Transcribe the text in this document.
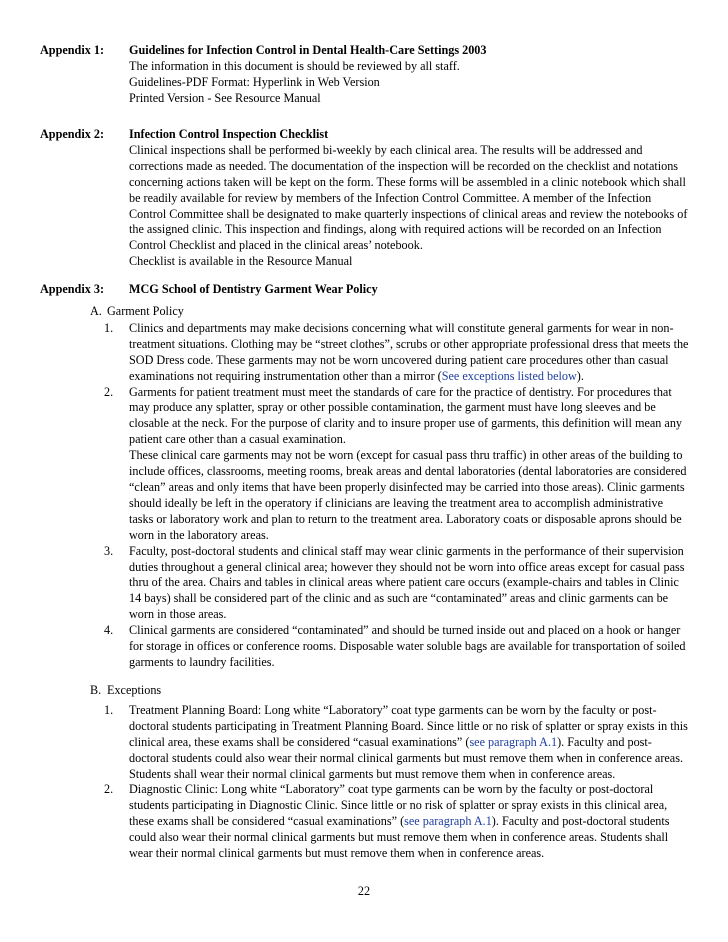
Appendix 1:	Guidelines for Infection Control in Dental Health-Care Settings 2003

The information in this document is should be reviewed by all staff.

Guidelines-PDF Format: Hyperlink in Web Version

Printed Version - See Resource Manual

Appendix 2:	Infection Control Inspection Checklist

Clinical inspections shall be performed bi-weekly by each clinical area. The results will be addressed and corrections made as needed. The documentation of the inspection will be recorded on the checklist and notations concerning actions taken will be kept on the form. These forms will be assembled in a clinic notebook which shall be readily available for review by members of the Infection Control Committee. A member of the Infection Control Committee shall be designated to make quarterly inspections of clinical areas and review the notebooks of the assigned clinic. This inspection and findings, along with required actions will be recorded on an Infection Control Checklist and placed in the clinical areas’ notebook.

Checklist is available in the Resource Manual

Appendix 3:	MCG School of Dentistry Garment Wear Policy
A. Garment Policy
1.	Clinics and departments may make decisions concerning what will constitute general garments for wear in non-treatment situations. Clothing may be “street clothes”, scrubs or other appropriate professional dress that meets the SOD Dress code. These garments may not be worn uncovered during patient care procedures other than casual examinations not requiring instrumentation other than a mirror (See exceptions listed below).
2.	Garments for patient treatment must meet the standards of care for the practice of dentistry. For procedures that may produce any splatter, spray or other possible contamination, the garment must have long sleeves and be closable at the neck. For the purpose of clarity and to insure proper use of garments, this definition will mean any patient care other than a casual examination.

These clinical care garments may not be worn (except for casual pass thru traffic) in other areas of the building to include offices, classrooms, meeting rooms, break areas and dental laboratories (dental laboratories are considered “clean” areas and only items that have been properly disinfected may be carried into those areas). Clinic garments should ideally be left in the operatory if clinicians are leaving the treatment area to accomplish administrative tasks or laboratory work and plan to return to the treatment area. Laboratory coats or disposable aprons should be worn in the laboratory areas.

3.	Faculty, post-doctoral students and clinical staff may wear clinic garments in the performance of their supervision duties throughout a general clinical area; however they should not be worn into office areas except for casual pass thru of the area. Chairs and tables in clinical areas where patient care occurs (example-chairs and tables in Clinic 14 bays) shall be considered part of the clinic and as such are “contaminated” areas and clinic garments can be worn in those areas.
4.	Clinical garments are considered “contaminated” and should be turned inside out and placed on a hook or hanger for storage in offices or conference rooms. Disposable water soluble bags are available for transportation of soiled garments to laundry facilities.
B. Exceptions
1.	Treatment Planning Board: Long white “Laboratory” coat type garments can be worn by the faculty or post-doctoral students participating in Treatment Planning Board. Since little or no risk of splatter or spray exists in this clinical area, these exams shall be considered “casual examinations” (see paragraph A.1). Faculty and post-doctoral students could also wear their normal clinical garments but must remove them when in conference areas. Students shall wear their normal clinical garments but must remove them when in conference areas.
2.	Diagnostic Clinic: Long white “Laboratory” coat type garments can be worn by the faculty or post-doctoral students participating in Diagnostic Clinic. Since little or no risk of splatter or spray exists in this clinical area, these exams shall be considered “casual examinations” (see paragraph A.1). Faculty and post-doctoral students could also wear their normal clinical garments but must remove them when in conference areas. Students shall wear their normal clinical garments but must remove them when in conference areas.
22
